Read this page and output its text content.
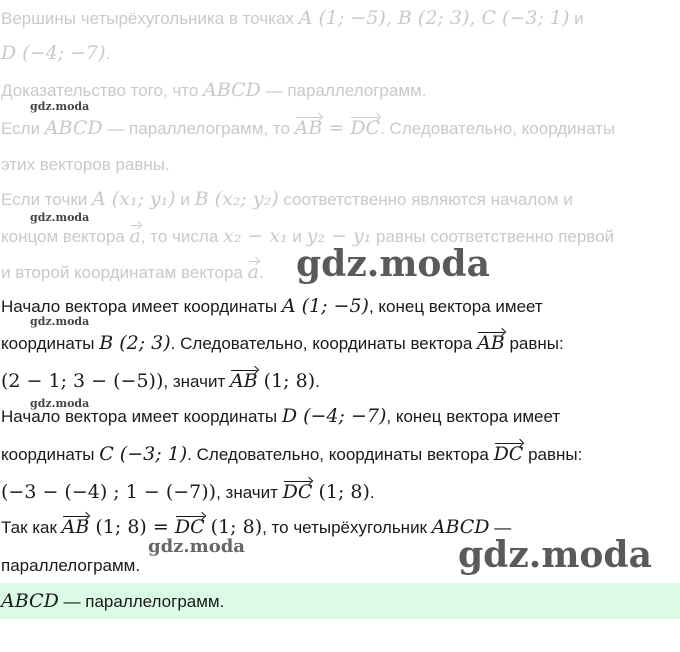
Вершины четырёхугольника в точках A (1; −5), B (2; 3), C (−3; 1) и
D (−4; −7).
Доказательство того, что ABCD — параллелограмм.
Если ABCD — параллелограмм, то AB = DC. Следовательно, координаты
этих векторов равны.
Если точки A (x₁; y₁) и B (x₂; y₂) соответственно являются началом и
концом вектора a, то числа x₂ − x₁ и y₂ − y₁ равны соответственно первой
и второй координатам вектора a.
Начало вектора имеет координаты A (1; −5), конец вектора имеет
координаты B (2; 3). Следовательно, координаты вектора AB равны:
(2 − 1; 3 − (−5)), значит AB (1; 8).
Начало вектора имеет координаты D (−4; −7), конец вектора имеет
координаты C (−3; 1). Следовательно, координаты вектора DC равны:
(−3 − (−4) ; 1 − (−7)), значит DC (1; 8).
Так как AB (1; 8) = DC (1; 8), то четырёхугольник ABCD —
параллелограмм.
ABCD — параллелограмм.
gdz.moda
gdz.moda
gdz.moda
gdz.moda
gdz.moda
gdz.moda
gdz.moda
